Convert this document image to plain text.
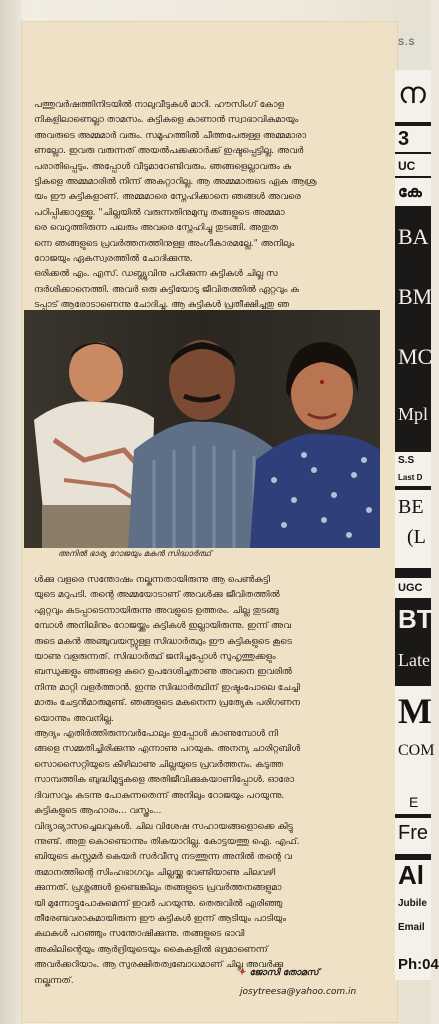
S.S
പത്തുവർഷത്തിനിടയിൽ നാലുവീടുകൾ മാറി. ഹൗസിംഗ് കോള
നികളിലാണെല്ലാ താമസം. കുട്ടികളെ കാണാൻ സ്വാഭാവികമായും
അവരുടെ അമ്മമാർ വരും. സമൂഹത്തിൽ ചീത്തപേരുള്ള അമ്മമാരാ
ണല്ലോ. ഇവരു വരുന്നത് അയൽപക്കക്കാർക്ക് ഇഷ്ടപ്പെട്ടില്ല. അവർ
പരാതിപ്പെടും. അപ്പോൾ വീടുമാറേണ്ടിവരും. ഞങ്ങളെല്ലാവരും കു
ട്ടികളെ അമ്മമാരിൽ നിന്ന് അകറ്റാറില്ല. ആ അമ്മമാരുടെ ഏക ആശ്ര
യം ഈ കുട്ടികളാണ്. അമ്മമാരെ സ്നേഹിക്കാനെ ഞങ്ങൾ അവരെ
പഠിപ്പിക്കാറുള്ളൂ. "ചില്ലയിൽ വരുന്നതിനുമുമ്പു തങ്ങളുടെ അമ്മമാ
രെ വെറുത്തിരുന്ന പലരും അവരെ സ്നേഹിച്ചു തുടങ്ങി. അതുത
ന്നെ ഞങ്ങളുടെ പ്രവർത്തനത്തിനുള്ള അംഗീകാരമല്ലേ." അനിലും
റോജയും ഏകസ്വരത്തിൽ ചോദിക്കുന്നു.
ഒരിക്കൽ എം. എസ്. ഡബ്ല്യുവിനു പഠിക്കുന്ന കുട്ടികൾ ചില്ല സ
ന്ദർശിക്കാനെത്തി. അവർ ഒരു കുട്ടിയോടു ജീവിതത്തിൽ ഏറ്റവും ക
ടപ്പാട് ആരോടാണെന്നു ചോദിച്ചു. ആ കുട്ടികൾ പ്രതീക്ഷിച്ചതു ഞ

അനിൽ ഭാര്യ റോജയും മകൻ സിദ്ധാർത്ഥ്
ൾക്കു വളരെ സന്തോഷം നല്കുന്നതായിരുന്നു ആ പെൺകുട്ടി
യുടെ മറുപടി. തന്റെ അമ്മയോടാണ് അവൾക്കു ജീവിതത്തിൽ
ഏറ്റവും കടപ്പാടെന്നായിരുന്നു അവളുടെ ഉത്തരം. ചില്ല തുടങ്ങു
മ്പോൾ അനിലിനും റോജയ്ക്കും കുട്ടികൾ ഇല്ലായിരുന്നു. ഇന്ന് അവ
രുടെ മകൻ അഞ്ചുവയസ്സുള്ള സിദ്ധാർത്ഥും ഈ കുട്ടികളുടെ കൂടെ
യാണു വളരുന്നത്. സിദ്ധാർത്ഥ് ജനിച്ചപ്പോൾ സുഹൃത്തുക്കളും
ബന്ധുക്കളും ഞങ്ങളെ കുറെ ഉപദേശിച്ചതാണു അവനെ ഇവരിൽ
നിന്നു മാറ്റി വളർത്താൻ. ഇന്നു സിദ്ധാർത്ഥിന് ഇഷ്ടംപോലെ ചേച്ചി
മാരും ചേട്ടൻമാരുമുണ്ട്. ഞങ്ങളുടെ മകനെന്ന പ്രത്യേക പരിഗണന
യൊന്നും അവനില്ല.
ആദ്യം എതിർത്തിരുന്നവർപോലും ഇപ്പോൾ കാണുമ്പോൾ നി
ങ്ങളെ സമ്മതിച്ചിരിക്കുന്നു എന്നാണു പറയുക. അനന്യ ചാരിറ്റബിൾ
സൊസൈറ്റിയുടെ കീഴിലാണു ചില്ലയുടെ പ്രവർത്തനം. കടുത്ത
സാമ്പത്തിക ബുദ്ധിമുട്ടുകളെ അതിജീവിക്കുകയാണിപ്പോൾ. ഓരോ
ദിവസവും കടന്നു പോകുന്നതെന്ന് അനിലും റോജയും പറയുന്നു.
കുട്ടികളുടെ ആഹാരം... വസ്ത്രം...
വിദ്യാഭ്യാസച്ചെലവുകൾ. ചില വിശേഷ സഹായങ്ങളൊക്കെ കിട്ടു
ന്നുണ്ട്. അതു കൊണ്ടൊന്നും തികയാറില്ല. കോട്ടയത്തു ഐ. എഫ്.
ബിയുടെ കസ്റ്റമർ കെയർ സർവീസു നടത്തുന്ന അനിൽ തന്റെ വ
രുമാനത്തിന്റെ സിംഹഭാഗവും ചില്ലയ്ക്കു വേണ്ടിയാണു ചിലവഴി
ക്കുന്നത്. പ്രശ്നങ്ങൾ ഉണ്ടെങ്കിലും തങ്ങളുടെ പ്രവർത്തനങ്ങളുമാ
യി മുന്നോട്ടുപോകുമെന്ന് ഇവർ പറയുന്നു. തെരുവിൽ എരിഞ്ഞു
തീരേണ്ടവരാകുമായിരുന്ന ഈ കുട്ടികൾ ഇന്ന് ആടിയും പാടിയും
കഥകൾ പറഞ്ഞും സന്തോഷിക്കുന്നു. തങ്ങളുടെ ഭാവി
അകിലിന്റെയും ആർദ്രിയുടെയും കൈകളിൽ ഭദ്രമാണെന്ന്
അവർക്കറിയാം. ആ സുരക്ഷിതത്വബോധമാണ് ചില്ല അവർക്കു
നല്കുന്നത്.
✦ ജോസി തോമസ്
josytreesa@yahoo.com.in
ന
3
UC
കേ
BA
BM
MC
Mpl
S.S
Last D
BE
(L
UGC
BT
Late
M
COM
E
Fre
Al
Jubile
Email
Ph:04
